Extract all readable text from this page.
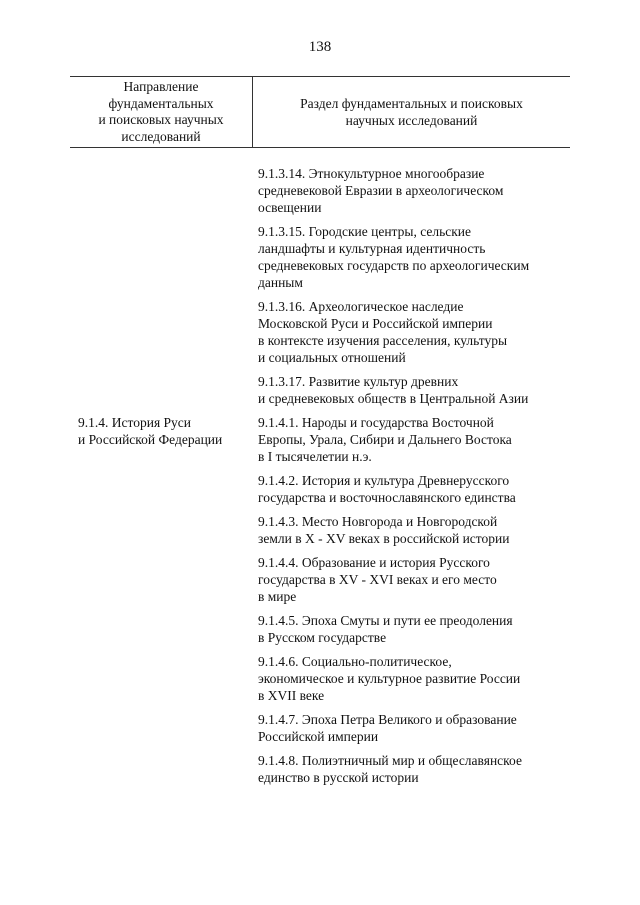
138
Направление
фундаментальных
и поисковых научных
исследований
Раздел фундаментальных и поисковых
научных исследований
9.1.4. История Руси
и Российской Федерации
9.1.3.14. Этнокультурное многообразие
средневековой Евразии в археологическом
освещении
9.1.3.15. Городские центры, сельские
ландшафты и культурная идентичность
средневековых государств по археологическим
данным
9.1.3.16. Археологическое наследие
Московской Руси и Российской империи
в контексте изучения расселения, культуры
и социальных отношений
9.1.3.17. Развитие культур древних
и средневековых обществ в Центральной Азии
9.1.4.1. Народы и государства Восточной
Европы, Урала, Сибири и Дальнего Востока
в I тысячелетии н.э.
9.1.4.2. История и культура Древнерусского
государства и восточнославянского единства
9.1.4.3. Место Новгорода и Новгородской
земли в X - XV веках в российской истории
9.1.4.4. Образование и история Русского
государства в XV - XVI веках и его место
в мире
9.1.4.5. Эпоха Смуты и пути ее преодоления
в Русском государстве
9.1.4.6. Социально-политическое,
экономическое и культурное развитие России
в XVII веке
9.1.4.7. Эпоха Петра Великого и образование
Российской империи
9.1.4.8. Полиэтничный мир и общеславянское
единство в русской истории
